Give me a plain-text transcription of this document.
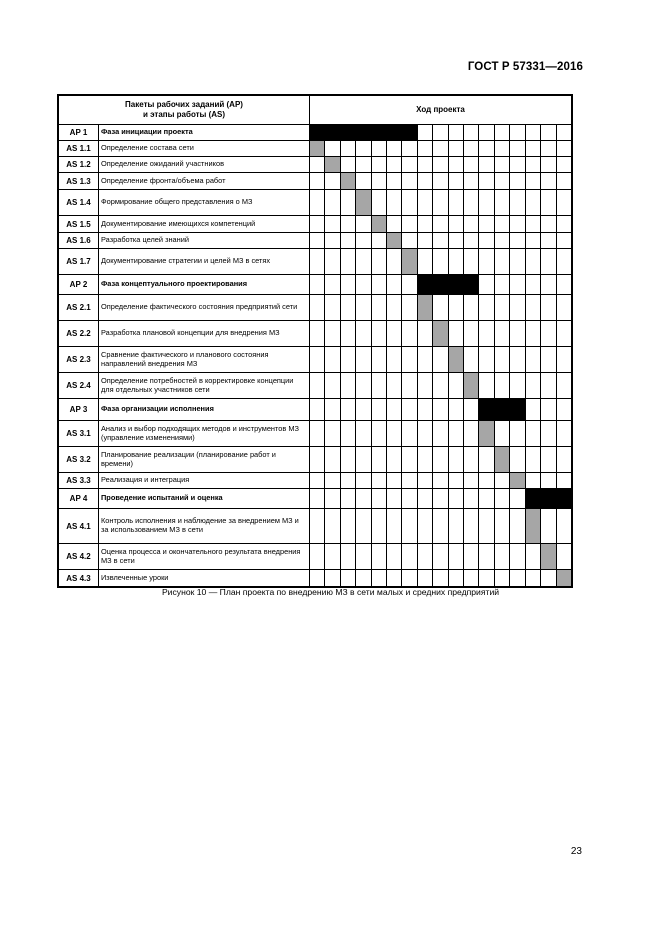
ГОСТ Р 57331—2016
Пакеты рабочих заданий (АР)
и этапы работы (AS)		Ход проекта																
AP 1	Фаза инициации проекта																	
AS 1.1	Определение состава сети																	
AS 1.2	Определение ожиданий участников																	
AS 1.3	Определение фронта/объема работ																	
AS 1.4	Формирование общего представления о МЗ																	
AS 1.5	Документирование имеющихся компетенций																	
AS 1.6	Разработка целей знаний																	
AS 1.7	Документирование стратегии и целей МЗ в сетях																	
AP 2	Фаза концептуального проектирования																	
AS 2.1	Определение фактического состояния предприятий сети																	
AS 2.2	Разработка плановой концепции для внедрения МЗ																	
AS 2.3	Сравнение фактического и планового состояния направлений внедрения МЗ																	
AS 2.4	Определение потребностей в корректировке концепции для отдельных участников сети																	
AP 3	Фаза организации исполнения																	
AS 3.1	Анализ и выбор подходящих методов и инструментов МЗ (управление изменениями)																	
AS 3.2	Планирование реализации (планирование работ и времени)																	
AS 3.3	Реализация и интеграция																	
AP 4	Проведение испытаний и оценка																	
AS 4.1	Контроль исполнения и наблюдение за внедрением МЗ и за использованием МЗ в сети																	
AS 4.2	Оценка процесса и окончательного результата внедрения МЗ в сети																	
AS 4.3	Извлеченные уроки																	
Рисунок 10 — План проекта по внедрению МЗ в сети малых и средних предприятий
23
